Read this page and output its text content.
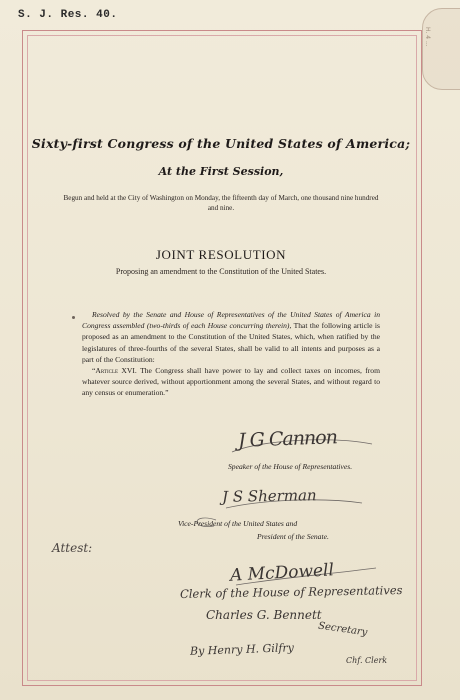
S. J. Res. 40.
H. 4 ...
Sixty-first Congress of the United States of America;
At the First Session,
Begun and held at the City of Washington on Monday, the fifteenth day of March, one thousand nine hundred and nine.
JOINT RESOLUTION
Proposing an amendment to the Constitution of the United States.

Resolved by the Senate and House of Representatives of the United States of America in Congress assembled (two-thirds of each House concurring therein), That the following article is proposed as an amendment to the Constitution of the United States, which, when ratified by the legislatures of three-fourths of the several States, shall be valid to all intents and purposes as a part of the Constitution:

“Article XVI. The Congress shall have power to lay and collect taxes on incomes, from whatever source derived, without apportionment among the several States, and without regard to any census or enumeration.”

J G Cannon
Speaker of the House of Representatives.
J S Sherman
Vice-President of the United States and
President of the Senate.
Attest:
A McDowell
Clerk of the House of Representatives
Charles G. Bennett
Secretary
By Henry H. Gilfry
Chf. Clerk
